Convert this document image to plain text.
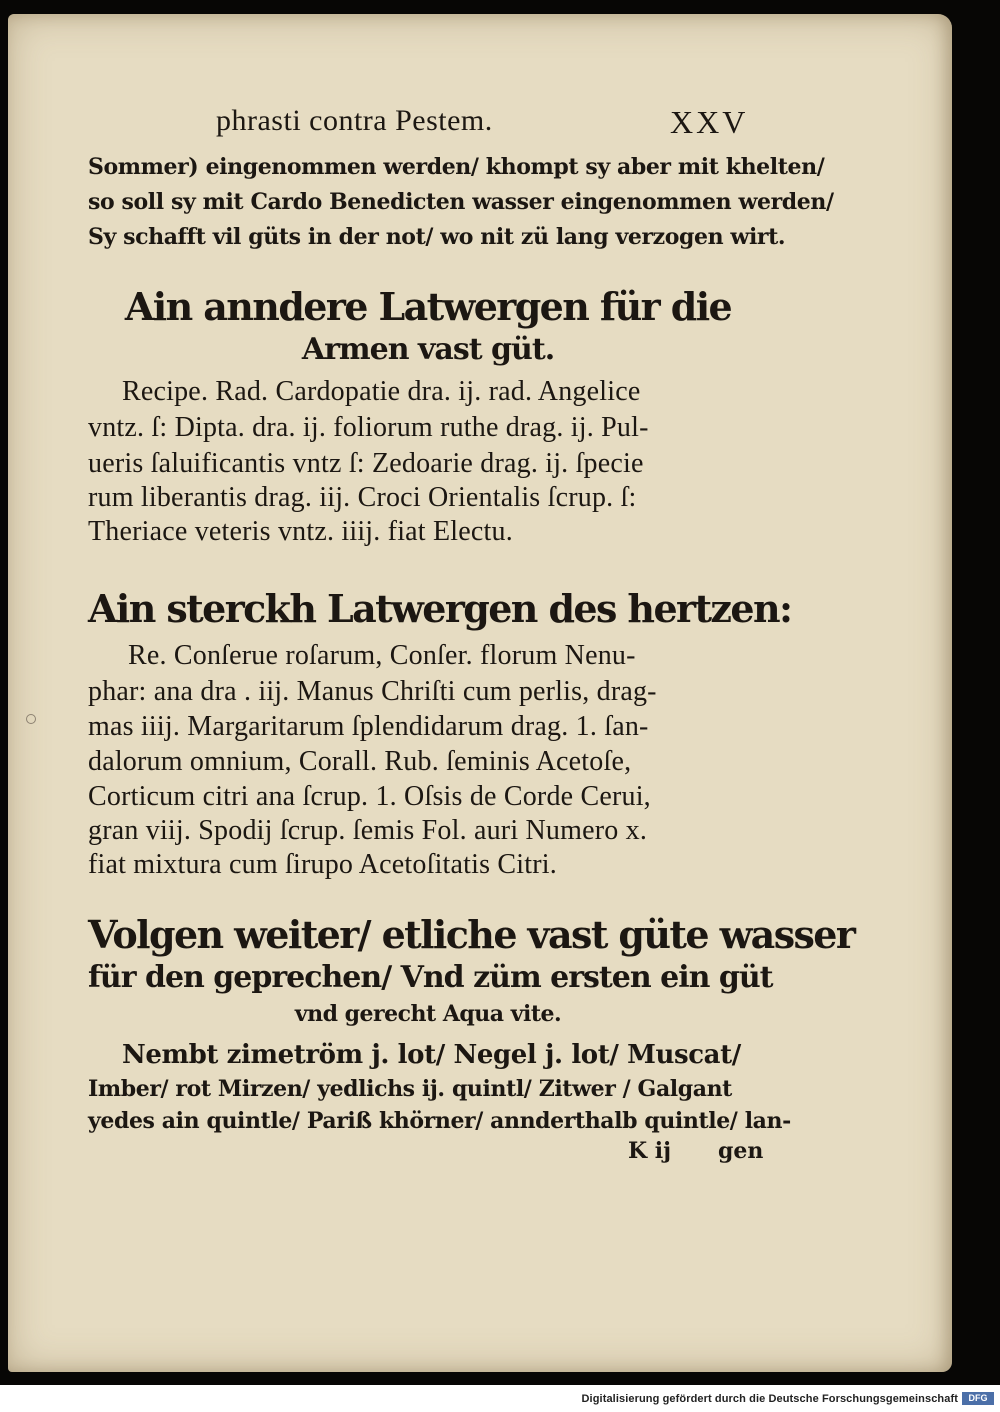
phrasti contra Pestem.	XXV

Sommer) eingenommen werden/ khompt sy aber mit khelten/

so soll sy mit Cardo Benedicten wasser eingenommen werden/

Sy schafft vil güts in der not/ wo nit zü lang verzogen wirt.

Ain anndere Latwergen für die

Armen vast güt.

Recipe. Rad. Cardopatie dra. ij. rad. Angelice

vntz. ſ: Dipta. dra. ij. foliorum ruthe drag. ij. Pul-

ueris ſaluificantis vntz ſ: Zedoarie drag. ij. ſpecie

rum liberantis drag. iij. Croci Orientalis ſcrup. ſ:

Theriace veteris vntz. iiij. fiat Electu.

Ain sterckh Latwergen des hertzen:

Re. Conſerue roſarum, Conſer. florum Nenu-

phar: ana dra . iij. Manus Chriſti cum perlis, drag-

mas iiij. Margaritarum ſplendidarum drag. 1. ſan-

dalorum omnium, Corall. Rub. ſeminis Acetoſe,

Corticum citri ana ſcrup. 1. Oſsis de Corde Cerui,

gran viij. Spodij ſcrup. ſemis Fol. auri Numero x.

fiat mixtura cum ſirupo Acetoſitatis Citri.

Volgen weiter/ etliche vast güte wasser

für den geprechen/ Vnd züm ersten ein güt

vnd gerecht Aqua vite.

Nembt zimetröm j. lot/ Negel j. lot/ Muscat/

Imber/ rot Mirzen/ yedlichs ij. quintl/ Zitwer / Galgant

yedes ain quintle/ Pariß khörner/ annderthalb quintle/ lan-

K ij gen
Digitalisierung gefördert durch die Deutsche Forschungsgemeinschaft	DFG
